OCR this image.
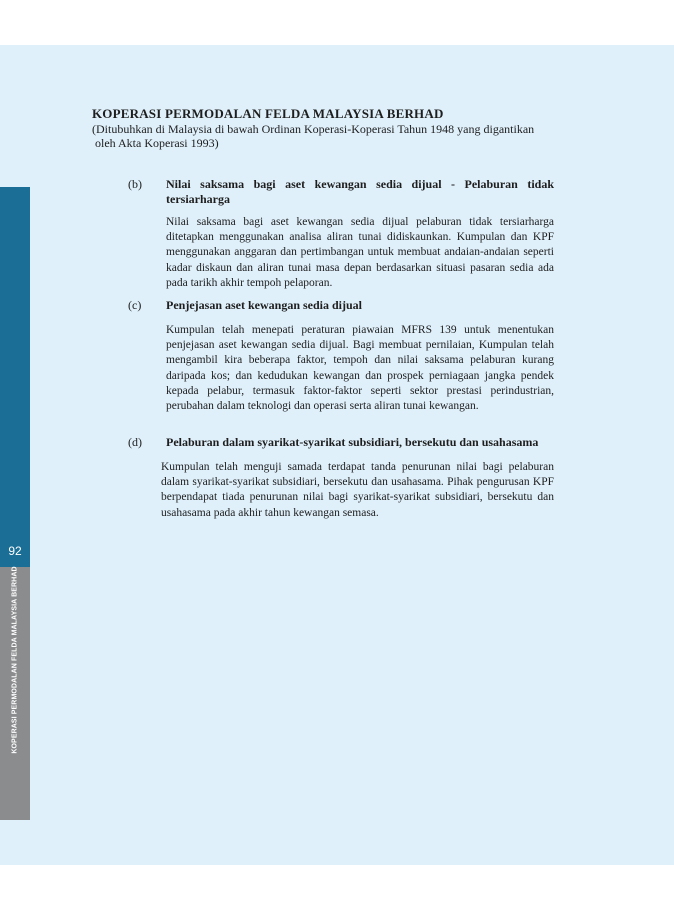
92
KOPERASI PERMODALAN FELDA MALAYSIA BERHAD
KOPERASI PERMODALAN FELDA MALAYSIA BERHAD
(Ditubuhkan di Malaysia di bawah Ordinan Koperasi-Koperasi Tahun 1948 yang digantikan
oleh Akta Koperasi 1993)
(b) Nilai saksama bagi aset kewangan sedia dijual - Pelaburan tidak tersiarharga
Nilai saksama bagi aset kewangan sedia dijual pelaburan tidak tersiarharga ditetapkan menggunakan analisa aliran tunai didiskaunkan. Kumpulan dan KPF menggunakan anggaran dan pertimbangan untuk membuat andaian-andaian seperti kadar diskaun dan aliran tunai masa depan berdasarkan situasi pasaran sedia ada pada tarikh akhir tempoh pelaporan.
(c) Penjejasan aset kewangan sedia dijual
Kumpulan telah menepati peraturan piawaian MFRS 139 untuk menentukan penjejasan aset kewangan sedia dijual. Bagi membuat pernilaian, Kumpulan telah mengambil kira beberapa faktor, tempoh dan nilai saksama pelaburan kurang daripada kos; dan kedudukan kewangan dan prospek perniagaan jangka pendek kepada pelabur, termasuk faktor-faktor seperti sektor prestasi perindustrian, perubahan dalam teknologi dan operasi serta aliran tunai kewangan.
(d) Pelaburan dalam syarikat-syarikat subsidiari, bersekutu dan usahasama
Kumpulan telah menguji samada terdapat tanda penurunan nilai bagi pelaburan dalam syarikat-syarikat subsidiari, bersekutu dan usahasama. Pihak pengurusan KPF berpendapat tiada penurunan nilai bagi syarikat-syarikat subsidiari, bersekutu dan usahasama pada akhir tahun kewangan semasa.
